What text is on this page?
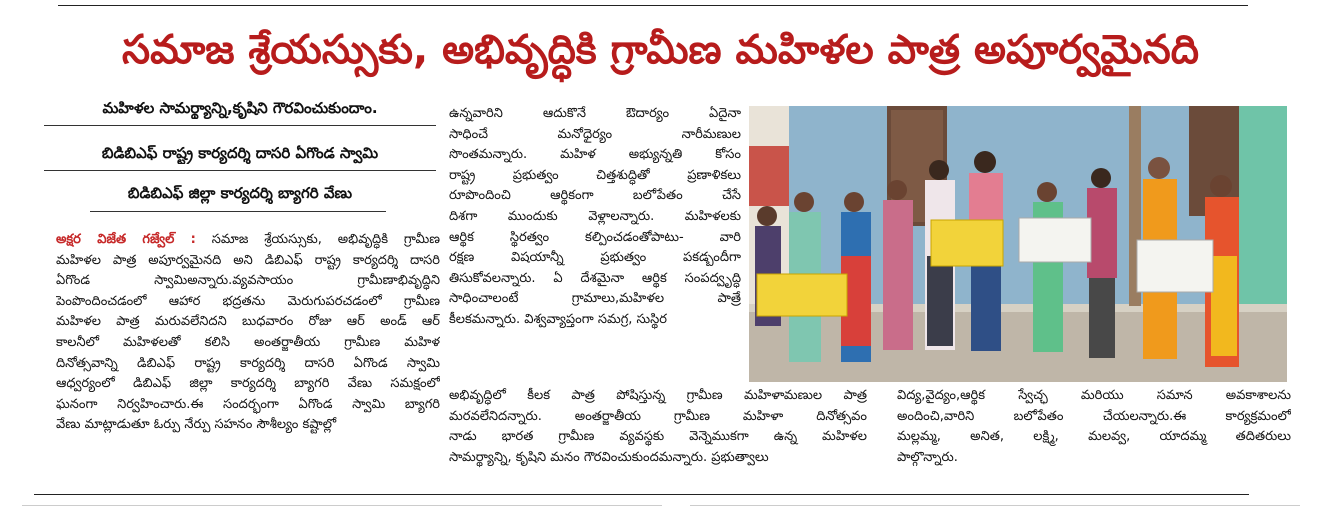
సమాజ శ్రేయస్సుకు, అభివృద్ధికి గ్రామీణ మహిళల పాత్ర అపూర్వమైనది
మహిళల సామర్థ్యాన్ని,కృషిని గౌరవించుకుందాం.
బిడిబిఎఫ్ రాష్ట్ర కార్యదర్శి దాసరి ఏగొండ స్వామి
బిడిబిఎఫ్ జిల్లా కార్యదర్శి బ్యాగరి వేణు
అక్షర విజేత గజ్వేల్ : సమాజ శ్రేయస్సుకు, అభివృద్ధికి గ్రామీణ
మహిళల పాత్ర అపూర్వమైనది అని డిబిఎఫ్ రాష్ట్ర కార్యదర్శి దాసరి
ఏగొండ స్వామిఅన్నారు.వ్యవసాయం గ్రామీణాభివృద్ధిని
పెంపొందించడంలో ఆహార భద్రతను మెరుగుపరచడంలో గ్రామీణ
మహిళల పాత్ర మరువలేనిదని బుధవారం రోజు ఆర్ అండ్ ఆర్
కాలనీలో మహిళలతో కలిసి అంతర్జాతీయ గ్రామీణ మహిళ
దినోత్సవాన్ని డిబిఎఫ్ రాష్ట్ర కార్యదర్శి దాసరి ఏగొండ స్వామి
ఆధ్వర్యంలో డిబిఎఫ్ జిల్లా కార్యదర్శి బ్యాగరి వేణు సమక్షంలో
ఘనంగా నిర్వహించారు.ఈ సందర్భంగా ఏగొండ స్వామి బ్యాగరి
వేణు మాట్లాడుతూ ఓర్పు నేర్పు సహనం సౌశీల్యం కష్టాల్లో
ఉన్నవారిని ఆదుకొనే ఔదార్యం ఏదైనా
సాధించే మనోధైర్యం నారీమణుల
సొంతమన్నారు. మహిళ అభ్యున్నతి కోసం
రాష్ట్ర ప్రభుత్వం చిత్తశుద్ధితో ప్రణాళికలు
రూపొందించి ఆర్థికంగా బలోపేతం చేసే
దిశగా ముందుకు వెళ్లాలన్నారు. మహిళలకు
ఆర్థిక స్థిరత్వం కల్పించడంతోపాటు- వారి
రక్షణ విషయాన్నీ ప్రభుత్వం పకడ్బందీగా
తిసుకోవలన్నారు. ఏ దేశమైనా ఆర్థిక సంపద్వృద్ధి
సాధించాలంటే గ్రామాలు,మహిళల పాత్రే
కీలకమన్నారు. విశ్వవ్యాప్తంగా సమగ్ర, సుస్థిర
అభివృద్ధిలో కీలక పాత్ర పోషిస్తున్న గ్రామీణ మహిళామణుల పాత్ర
మరవలేనిదన్నారు. అంతర్జాతీయ గ్రామీణ మహిళా దినోత్సవం
నాడు భారత గ్రామీణ వ్యవస్థకు వెన్నెముకగా ఉన్న మహిళల
సామర్థ్యాన్ని, కృషిని మనం గౌరవించుకుందమన్నారు. ప్రభుత్వాలు
విద్య,వైద్యం,ఆర్థిక స్వేచ్ఛ మరియు సమాన అవకాశాలను
అందించి,వారిని బలోపేతం చేయలన్నారు.ఈ కార్యక్రమంలో
మల్లమ్మ, అనిత, లక్ష్మి, మలవ్వ, యాదమ్మ తదితరులు
పాల్గొన్నారు.
